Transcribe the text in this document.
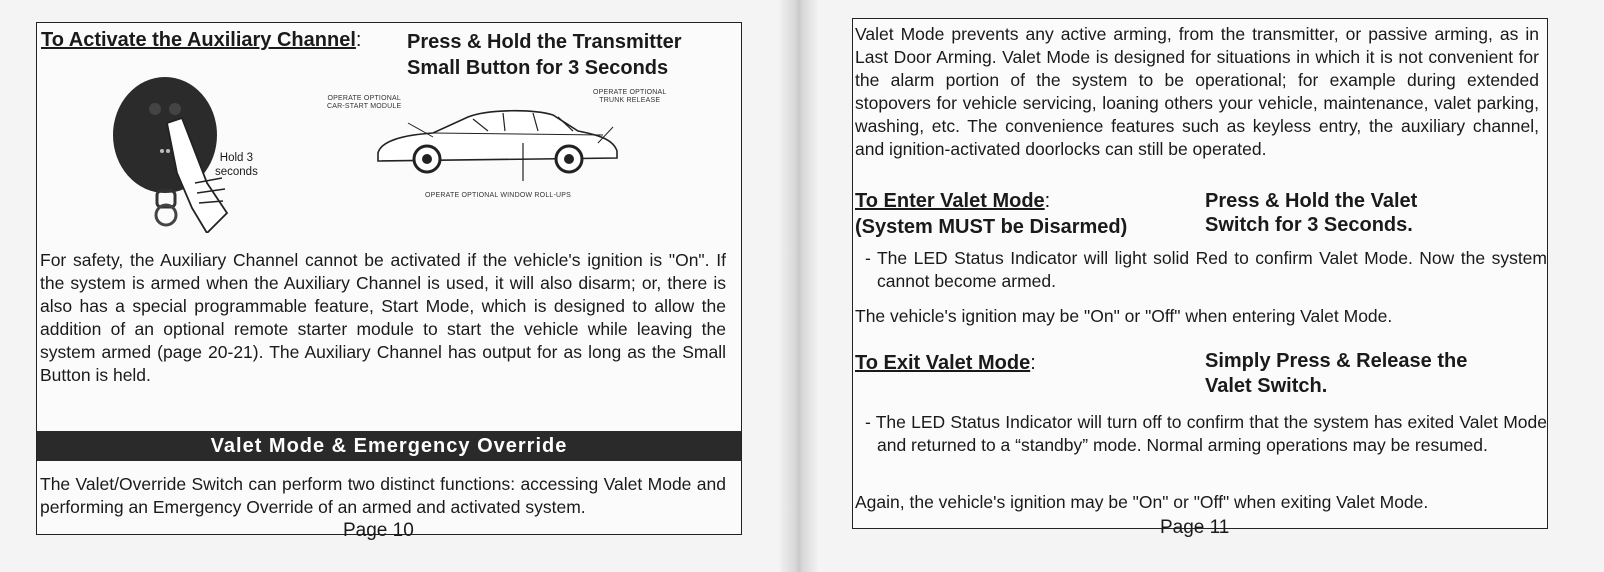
To Activate the Auxiliary Channel: Press & Hold the Transmitter
Small Button for 3 Seconds
Hold 3
seconds
OPERATE OPTIONAL
CAR-START MODULE
OPERATE OPTIONAL
TRUNK RELEASE
OPERATE OPTIONAL WINDOW ROLL-UPS
For safety, the Auxiliary Channel cannot be activated if the vehicle's ignition is "On". If the system is armed when the Auxiliary Channel is used, it will also disarm; or, there is also has a special programmable feature, Start Mode, which is designed to allow the addition of an optional remote starter module to start the vehicle while leaving the system armed (page 20-21). The Auxiliary Channel has output for as long as the Small Button is held.
Valet Mode & Emergency Override
The Valet/Override Switch can perform two distinct functions: accessing Valet Mode and performing an Emergency Override of an armed and activated system.
Page 10
Valet Mode prevents any active arming, from the transmitter, or passive arming, as in Last Door Arming. Valet Mode is designed for situations in which it is not convenient for the alarm portion of the system to be operational; for example during extended stopovers for vehicle servicing, loaning others your vehicle, maintenance, valet parking, washing, etc. The convenience features such as keyless entry, the auxiliary channel, and ignition-activated doorlocks can still be operated.
To Enter Valet Mode:
(System MUST be Disarmed)
Press & Hold the Valet
Switch for 3 Seconds.
- The LED Status Indicator will light solid Red to confirm Valet Mode. Now the system cannot become armed.
The vehicle's ignition may be "On" or "Off" when entering Valet Mode.
To Exit Valet Mode:	Simply Press & Release the
Valet Switch.
- The LED Status Indicator will turn off to confirm that the system has exited Valet Mode and returned to a “standby” mode. Normal arming operations may be resumed.
Again, the vehicle's ignition may be "On" or "Off" when exiting Valet Mode.
Page 11
